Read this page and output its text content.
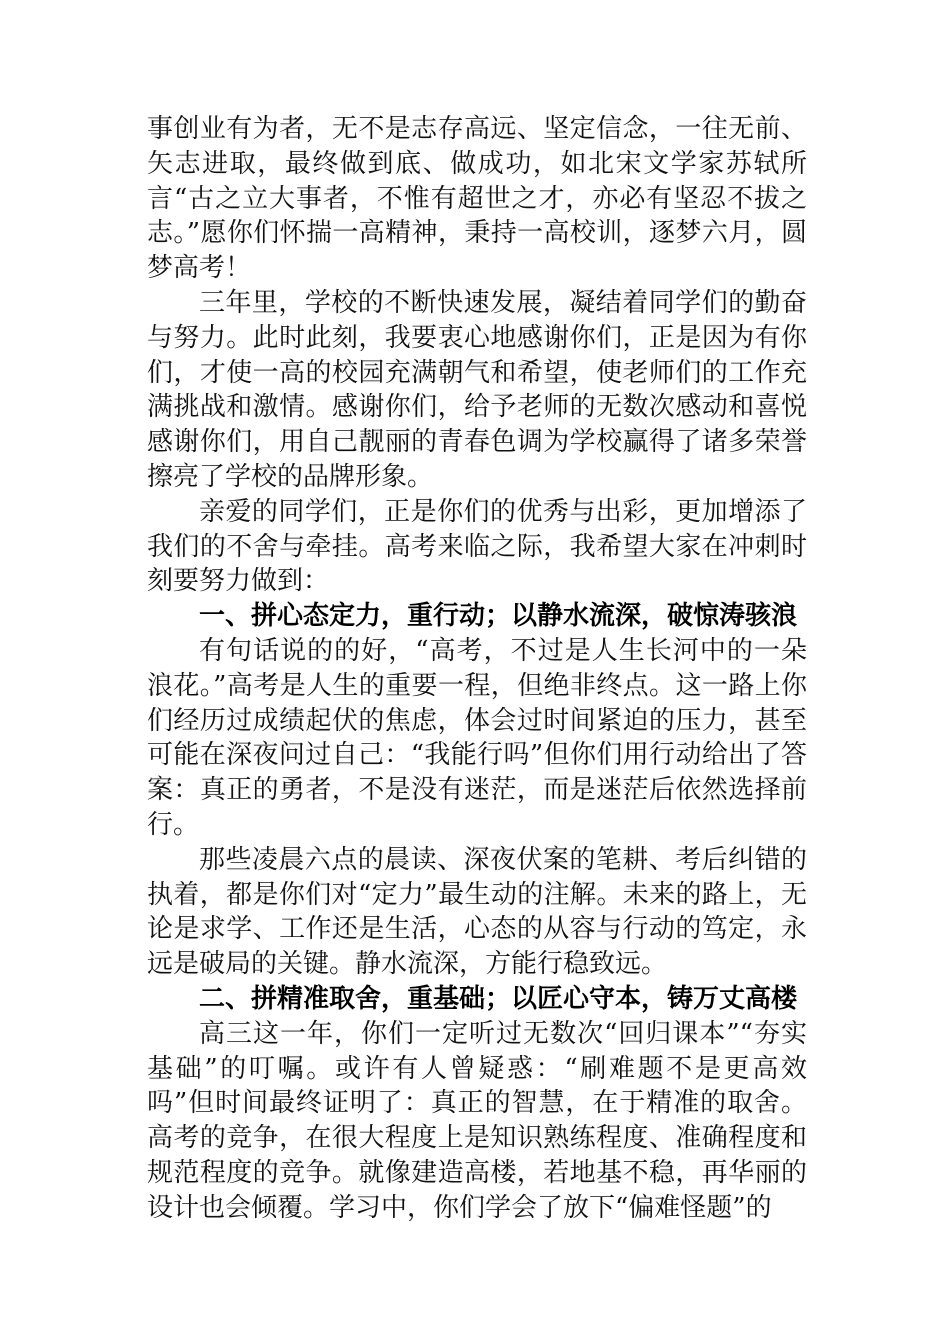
事创业有为者，无不是志存高远、坚定信念，一往无前、矢志进取，最终做到底、做成功，如北宋文学家苏轼所言“古之立大事者，不惟有超世之才，亦必有坚忍不拔之志。”愿你们怀揣一高精神，秉持一高校训，逐梦六月，圆梦高考！

三年里，学校的不断快速发展，凝结着同学们的勤奋与努力。此时此刻，我要衷心地感谢你们，正是因为有你们，才使一高的校园充满朝气和希望，使老师们的工作充满挑战和激情。感谢你们，给予老师的无数次感动和喜悦感谢你们，用自己靓丽的青春色调为学校赢得了诸多荣誉擦亮了学校的品牌形象。

亲爱的同学们，正是你们的优秀与出彩，更加增添了我们的不舍与牵挂。高考来临之际，我希望大家在冲刺时刻要努力做到：

一、拼心态定力，重行动；以静水流深，破惊涛骇浪

有句话说的的好，“高考，不过是人生长河中的一朵浪花。”高考是人生的重要一程，但绝非终点。这一路上你们经历过成绩起伏的焦虑，体会过时间紧迫的压力，甚至可能在深夜问过自己：“我能行吗”但你们用行动给出了答案：真正的勇者，不是没有迷茫，而是迷茫后依然选择前行。

那些凌晨六点的晨读、深夜伏案的笔耕、考后纠错的执着，都是你们对“定力”最生动的注解。未来的路上，无论是求学、工作还是生活，心态的从容与行动的笃定，永远是破局的关键。静水流深，方能行稳致远。

二、拼精准取舍，重基础；以匠心守本，铸万丈高楼

高三这一年，你们一定听过无数次“回归课本”“夯实基础”的叮嘱。或许有人曾疑惑：“刷难题不是更高效吗”但时间最终证明了：真正的智慧，在于精准的取舍。高考的竞争，在很大程度上是知识熟练程度、准确程度和规范程度的竞争。就像建造高楼，若地基不稳，再华丽的设计也会倾覆。学习中，你们学会了放下“偏难怪题”的
